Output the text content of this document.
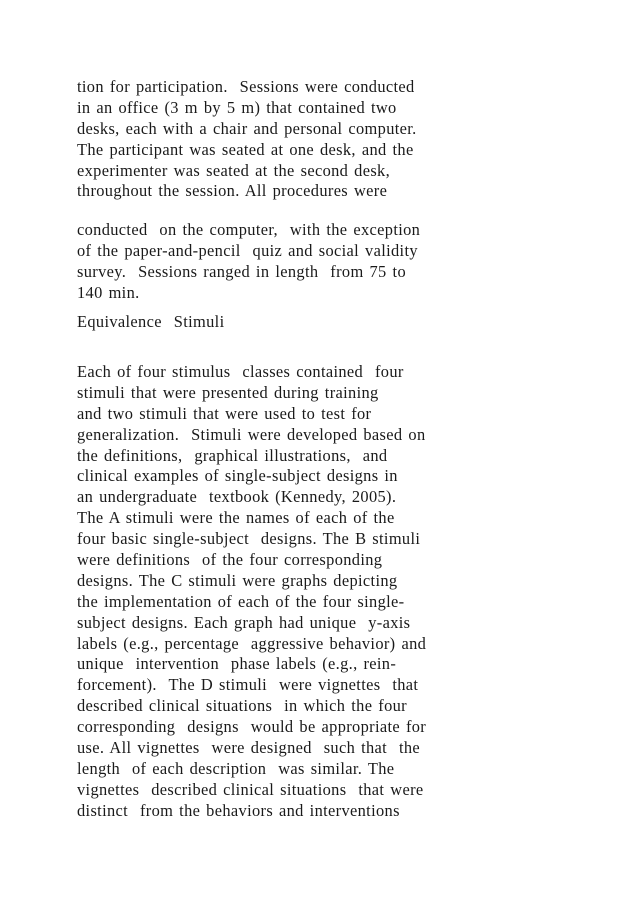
tion for participation.  Sessions were conducted
in an office (3 m by 5 m) that contained two
desks, each with a chair and personal computer.
The participant was seated at one desk, and the
experimenter was seated at the second desk,
throughout the session. All procedures were
conducted  on the computer,  with the exception
of the paper-and-pencil  quiz and social validity
survey.  Sessions ranged in length  from 75 to
140 min.
Equivalence  Stimuli
Each of four stimulus  classes contained  four
stimuli that were presented during training
and two stimuli that were used to test for
generalization.  Stimuli were developed based on
the definitions,  graphical illustrations,  and
clinical examples of single-subject designs in
an undergraduate  textbook (Kennedy, 2005).
The A stimuli were the names of each of the
four basic single-subject  designs. The B stimuli
were definitions  of the four corresponding
designs. The C stimuli were graphs depicting
the implementation of each of the four single-
subject designs. Each graph had unique  y-axis
labels (e.g., percentage  aggressive behavior) and
unique  intervention  phase labels (e.g., rein-
forcement).  The D stimuli  were vignettes  that
described clinical situations  in which the four
corresponding  designs  would be appropriate for
use. All vignettes  were designed  such that  the
length  of each description  was similar. The
vignettes  described clinical situations  that were
distinct  from the behaviors and interventions
